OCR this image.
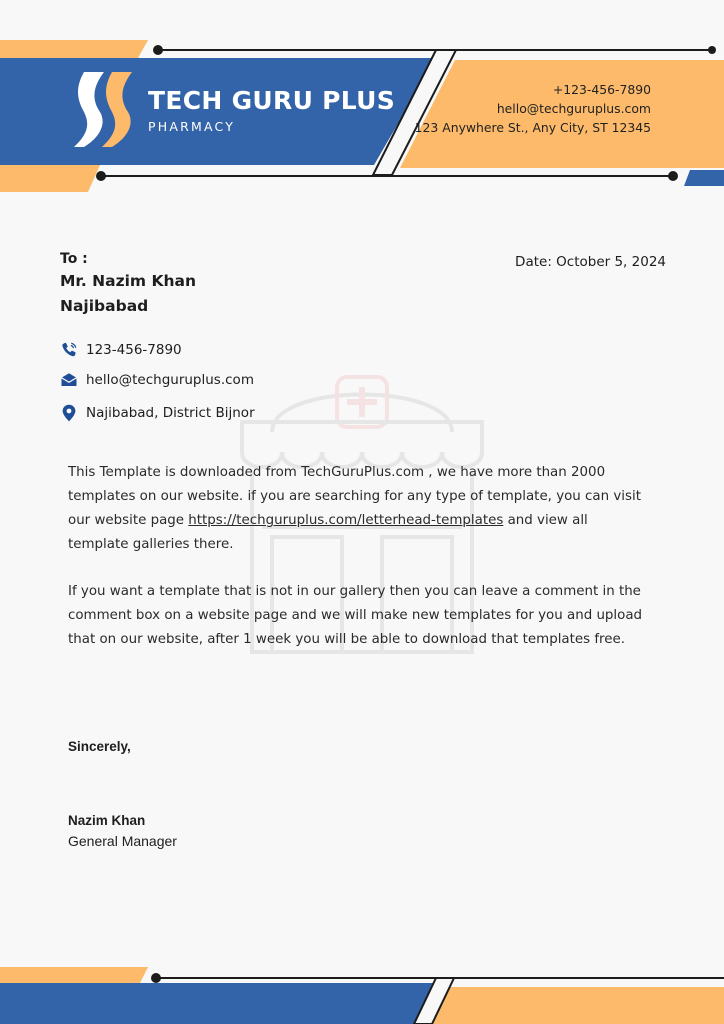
TECH GURU PLUS
PHARMACY
+123-456-7890
hello@techguruplus.com
123 Anywhere St., Any City, ST 12345
To :
Mr. Nazim Khan
Najibabad
Date: October 5, 2024
123-456-7890
hello@techguruplus.com
Najibabad, District Bijnor
This Template is downloaded from TechGuruPlus.com , we have more than 2000 templates on our website. if you are searching for any type of template, you can visit our website page https://techguruplus.com/letterhead-templates and view all template galleries there.
If you want a template that is not in our gallery then you can leave a comment in the comment box on a website page and we will make new templates for you and upload that on our website, after 1 week you will be able to download that templates free.
Sincerely,
Nazim Khan
General Manager
